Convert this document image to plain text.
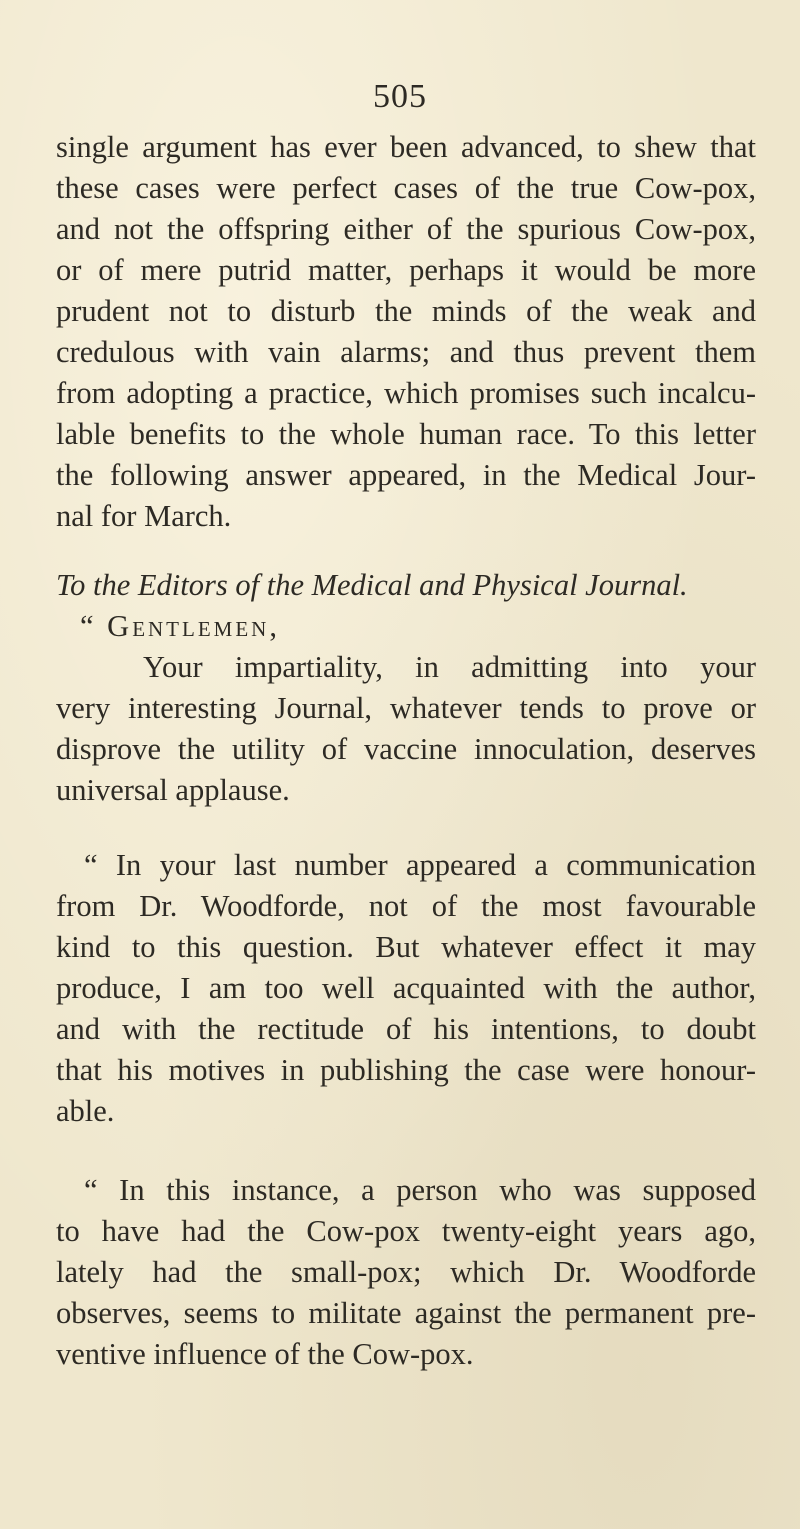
505
single argument has ever been advanced, to shew that
these cases were perfect cases of the true Cow-pox,
and not the offspring either of the spurious Cow-pox,
or of mere putrid matter, perhaps it would be more
prudent not to disturb the minds of the weak and
credulous with vain alarms; and thus prevent them
from adopting a practice, which promises such incalcu-
lable benefits to the whole human race. To this letter
the following answer appeared, in the Medical Jour-
nal for March.
To the Editors of the Medical and Physical Journal.
“ Gentlemen,
Your impartiality, in admitting into your
very interesting Journal, whatever tends to prove or
disprove the utility of vaccine innoculation, deserves
universal applause.
“ In your last number appeared a communication
from Dr. Woodforde, not of the most favourable
kind to this question. But whatever effect it may
produce, I am too well acquainted with the author,
and with the rectitude of his intentions, to doubt
that his motives in publishing the case were honour-
able.
“ In this instance, a person who was supposed
to have had the Cow-pox twenty-eight years ago,
lately had the small-pox; which Dr. Woodforde
observes, seems to militate against the permanent pre-
ventive influence of the Cow-pox.
